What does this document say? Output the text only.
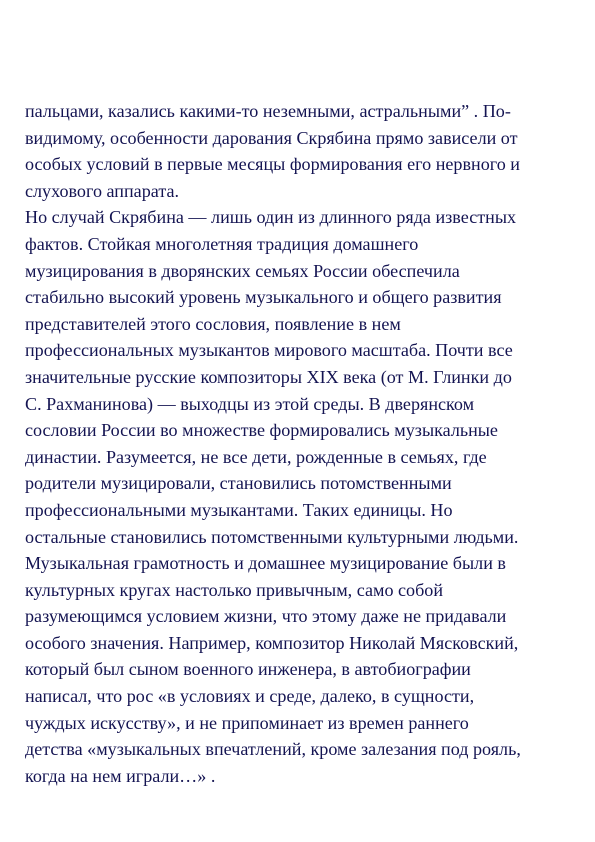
пальцами, казались какими-то неземными, астральными” . По-
видимому, особенности дарования Скрябина прямо зависели от
особых условий в первые месяцы формирования его нервного и
слухового аппарата.
Но случай Скрябина — лишь один из длинного ряда известных
фактов. Стойкая многолетняя традиция домашнего
музицирования в дворянских семьях России обеспечила
стабильно высокий уровень музыкального и общего развития
представителей этого сословия, появление в нем
профессиональных музыкантов мирового масштаба. Почти все
значительные русские композиторы XIX века (от М. Глинки до
С. Рахманинова) — выходцы из этой среды. В дверянском
сословии России во множестве формировались музыкальные
династии. Разумеется, не все дети, рожденные в семьях, где
родители музицировали, становились потомственными
профессиональными музыкантами. Таких единицы. Но
остальные становились потомственными культурными людьми.
Музыкальная грамотность и домашнее музицирование были в
культурных кругах настолько привычным, само собой
разумеющимся условием жизни, что этому даже не придавали
особого значения. Например, композитор Николай Мясковский,
который был сыном военного инженера, в автобиографии
написал, что рос «в условиях и среде, далеко, в сущности,
чуждых искусству», и не припоминает из времен раннего
детства «музыкальных впечатлений, кроме залезания под рояль,
когда на нем играли…» .
